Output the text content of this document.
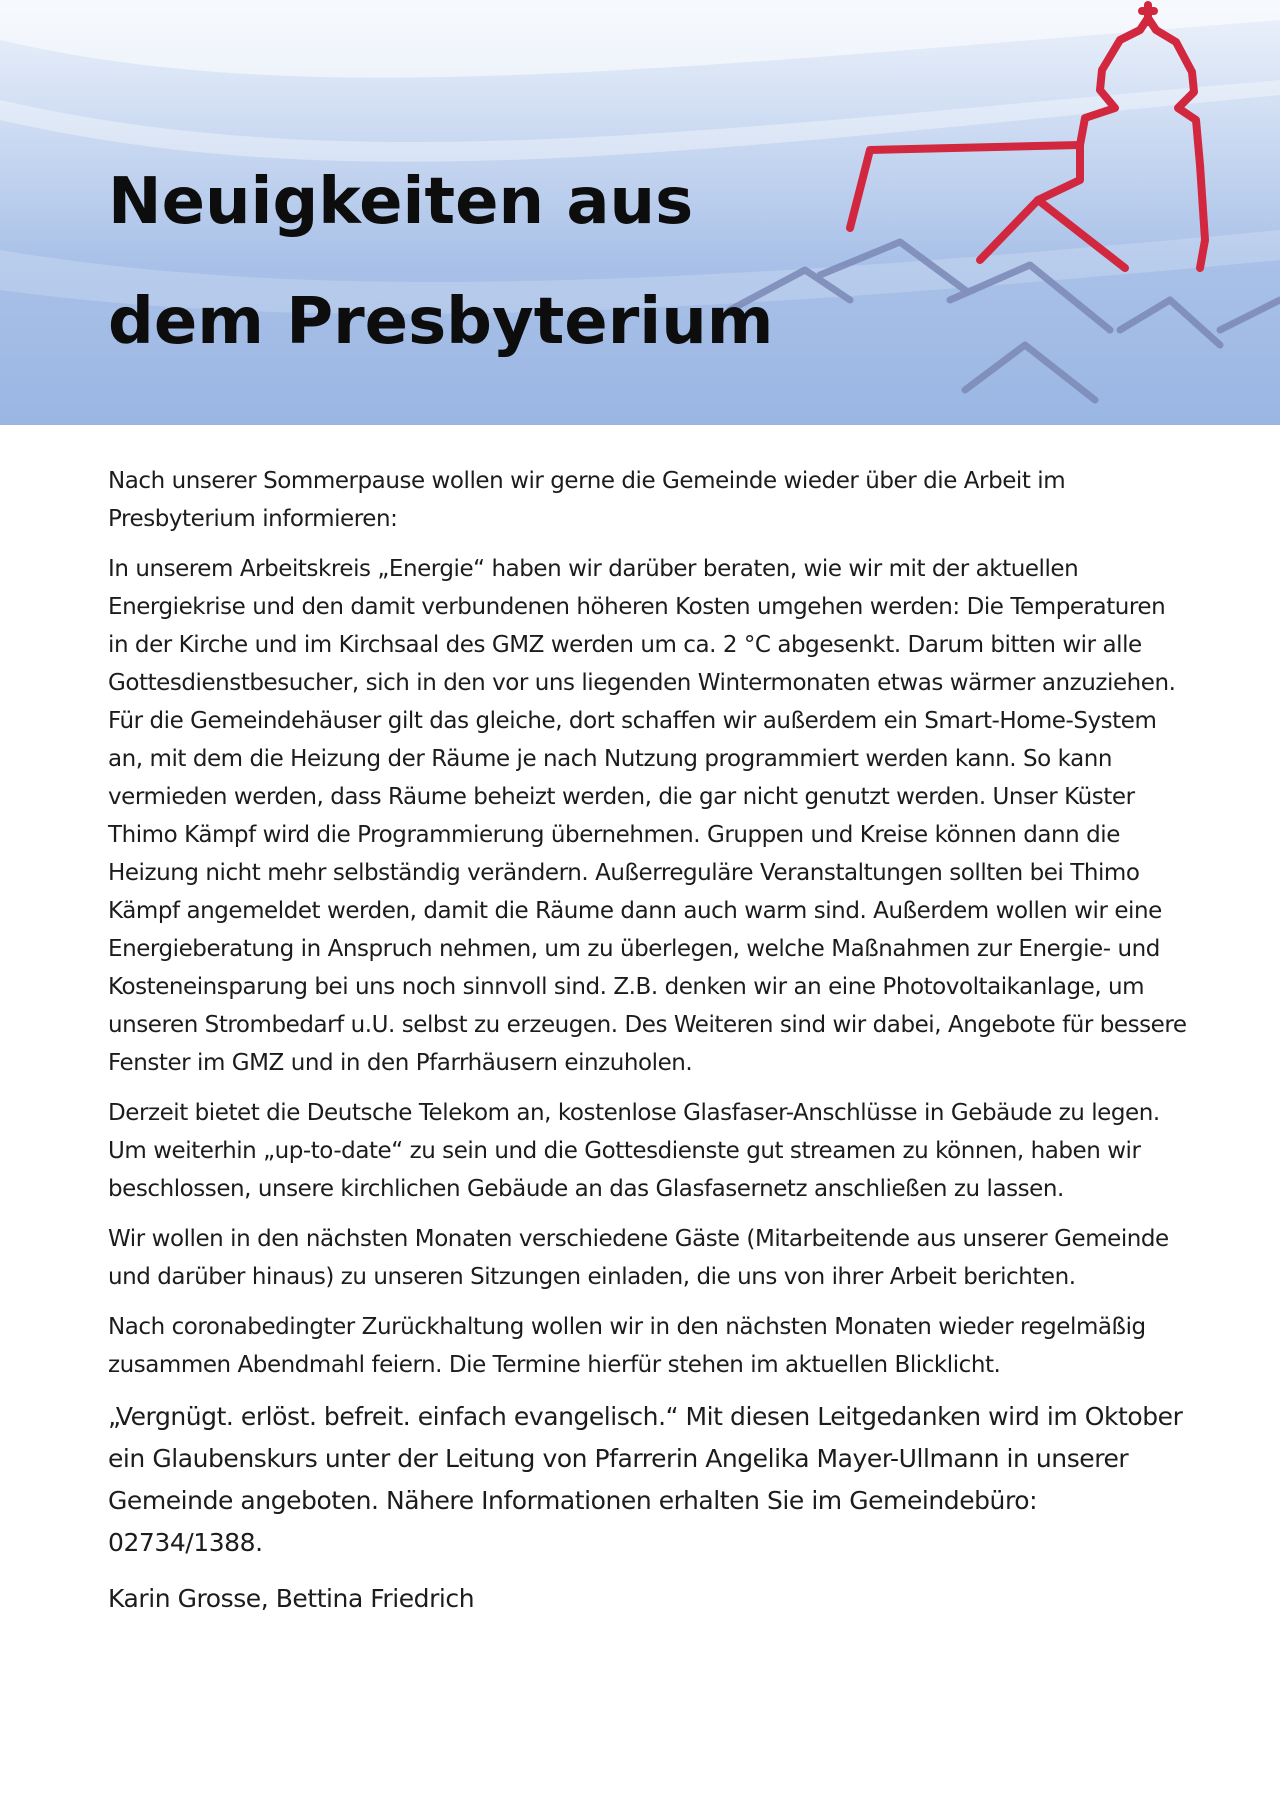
Neuigkeiten aus
dem Presbyterium

Nach unserer Sommerpause wollen wir gerne die Gemeinde wieder über die Arbeit im Presbyterium informieren:

In unserem Arbeitskreis „Energie“ haben wir darüber beraten, wie wir mit der aktuellen Energiekrise und den damit verbundenen höheren Kosten umgehen werden: Die Temperaturen in der Kirche und im Kirchsaal des GMZ werden um ca. 2 °C abgesenkt. Darum bitten wir alle Gottesdienstbesucher, sich in den vor uns liegenden Wintermonaten etwas wärmer anzuziehen. Für die Gemeindehäuser gilt das gleiche, dort schaffen wir außerdem ein Smart-Home-System an, mit dem die Heizung der Räume je nach Nutzung programmiert werden kann. So kann vermieden werden, dass Räume beheizt werden, die gar nicht genutzt werden. Unser Küster Thimo Kämpf wird die Programmierung übernehmen. Gruppen und Kreise können dann die Heizung nicht mehr selbständig verändern. Außerreguläre Veranstaltungen sollten bei Thimo Kämpf angemeldet werden, damit die Räume dann auch warm sind. Außerdem wollen wir eine Energieberatung in Anspruch nehmen, um zu überlegen, welche Maßnahmen zur Energie- und Kosteneinsparung bei uns noch sinnvoll sind. Z.B. denken wir an eine Photovoltaikanlage, um unseren Strombedarf u.U. selbst zu erzeugen. Des Weiteren sind wir dabei, Angebote für bessere Fenster im GMZ und in den Pfarrhäusern einzuholen.

Derzeit bietet die Deutsche Telekom an, kostenlose Glasfaser-Anschlüsse in Gebäude zu legen. Um weiterhin „up-to-date“ zu sein und die Gottesdienste gut streamen zu können, haben wir beschlossen, unsere kirchlichen Gebäude an das Glasfasernetz anschließen zu lassen.

Wir wollen in den nächsten Monaten verschiedene Gäste (Mitarbeitende aus unserer Gemeinde und darüber hinaus) zu unseren Sitzungen einladen, die uns von ihrer Arbeit berichten.

Nach coronabedingter Zurückhaltung wollen wir in den nächsten Monaten wieder regelmäßig zusammen Abendmahl feiern. Die Termine hierfür stehen im aktuellen Blicklicht.

„Vergnügt. erlöst. befreit. einfach evangelisch.“ Mit diesen Leitgedanken wird im Oktober ein Glaubenskurs unter der Leitung von Pfarrerin Angelika Mayer-Ullmann in unserer Gemeinde angeboten. Nähere Informationen erhalten Sie im Gemeindebüro: 02734/1388.

Karin Grosse, Bettina Friedrich
